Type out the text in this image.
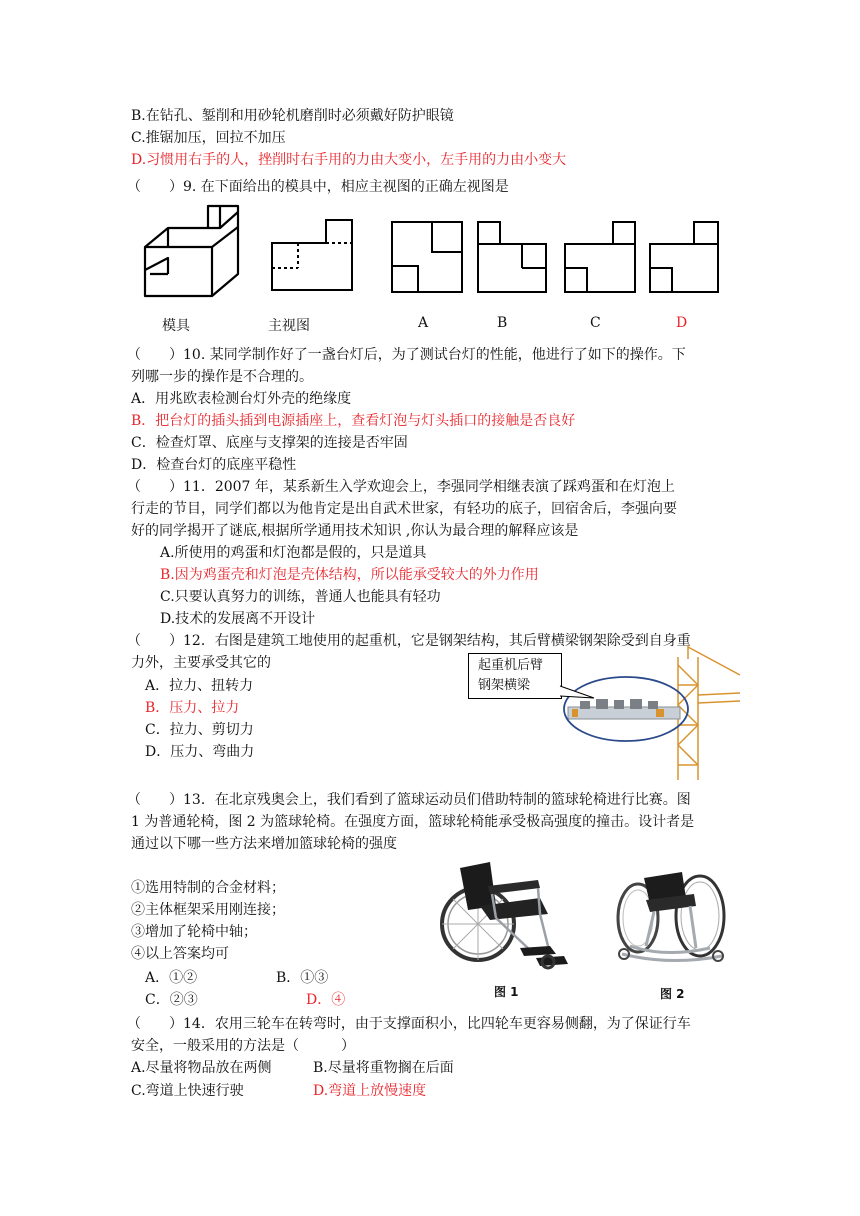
B.在钻孔、錾削和用砂轮机磨削时必须戴好防护眼镜
C.推锯加压，回拉不加压
D.习惯用右手的人，挫削时右手用的力由大变小，左手用的力由小变大
（　　）9. 在下面给出的模具中，相应主视图的正确左视图是
模具	主视图	A	B	C	D
（　　）10. 某同学制作好了一盏台灯后，为了测试台灯的性能，他进行了如下的操作。下
列哪一步的操作是不合理的。
A．用兆欧表检测台灯外壳的绝缘度
B．把台灯的插头插到电源插座上，查看灯泡与灯头插口的接触是否良好
C．检查灯罩、底座与支撑架的连接是否牢固
D．检查台灯的底座平稳性
（　　）11．2007 年，某系新生入学欢迎会上，李强同学相继表演了踩鸡蛋和在灯泡上
行走的节目，同学们都以为他肯定是出自武术世家，有轻功的底子，回宿舍后，李强向要
好的同学揭开了谜底,根据所学通用技术知识 ,你认为最合理的解释应该是
A.所使用的鸡蛋和灯泡都是假的，只是道具
B.因为鸡蛋壳和灯泡是壳体结构，所以能承受较大的外力作用
C.只要认真努力的训练，普通人也能具有轻功
D.技术的发展离不开设计
（　　）12．右图是建筑工地使用的起重机，它是钢架结构，其后臂横梁钢架除受到自身重
力外，主要承受其它的
A．拉力、扭转力
B．压力、拉力
C．拉力、剪切力
D．压力、弯曲力
起重机后臂
钢架横梁
（　　）13．在北京残奥会上，我们看到了篮球运动员们借助特制的篮球轮椅进行比赛。图
1 为普通轮椅，图 2 为篮球轮椅。在强度方面，篮球轮椅能承受极高强度的撞击。设计者是
通过以下哪一些方法来增加篮球轮椅的强度
①选用特制的合金材料；
②主体框架采用刚连接；
③增加了轮椅中轴；
④以上答案均可
A．①②	B．①③
C．②③	D．④	图 1	图 2
（　　）14．农用三轮车在转弯时，由于支撑面积小，比四轮车更容易侧翻，为了保证行车
安全，一般采用的方法是（　　　）
A.尽量将物品放在两侧	B.尽量将重物搁在后面
C.弯道上快速行驶	D.弯道上放慢速度
